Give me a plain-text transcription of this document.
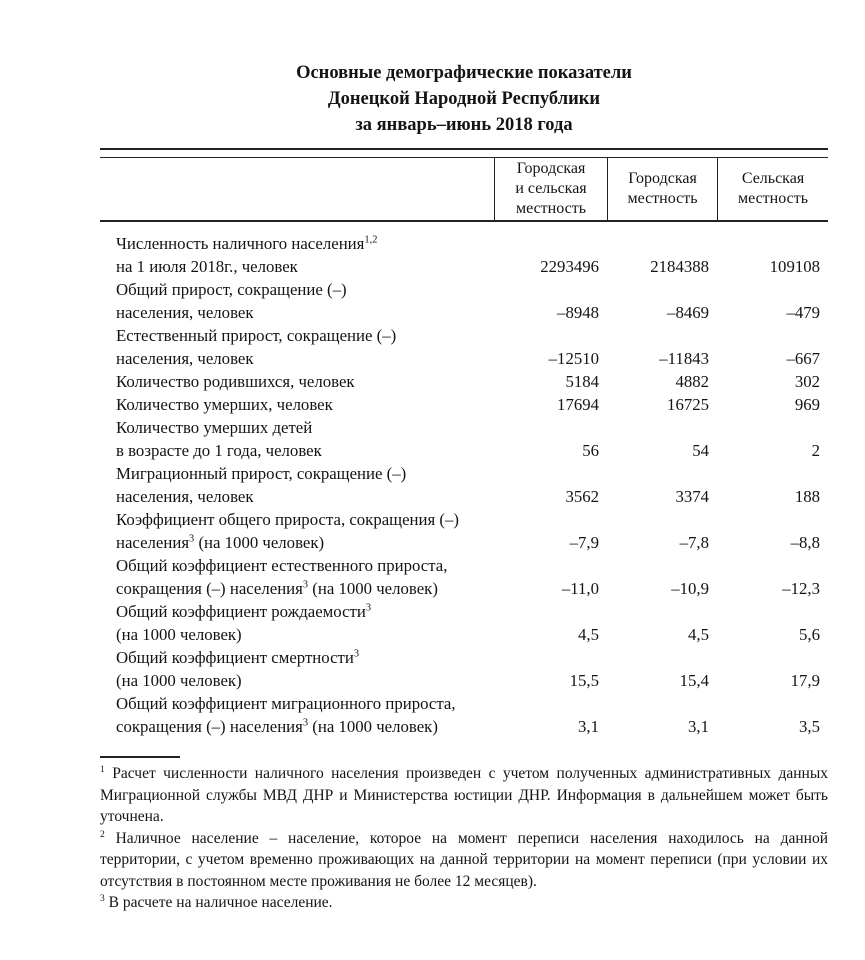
Основные демографические показатели
Донецкой Народной Республики
за январь–июнь 2018 года
Городская и сельская местность
Городская местность
Сельская местность
Численность наличного населения$^{1,2}$
на 1 июля 2018г., человек	2293496	2184388	109108
Общий прирост, сокращение (–)
населения, человек	–8948	–8469	–479
Естественный прирост, сокращение (–)
населения, человек	–12510	–11843	–667
Количество родившихся, человек	5184	4882	302
Количество умерших, человек	17694	16725	969
Количество умерших детей
в возрасте до 1 года, человек	56	54	2
Миграционный прирост, сокращение (–)
населения, человек	3562	3374	188
Коэффициент общего прироста, сокращения (–)
населения$^3$ (на 1000 человек)	–7,9	–7,8	–8,8
Общий коэффициент естественного прироста,
сокращения (–) населения$^3$ (на 1000 человек)	–11,0	–10,9	–12,3
Общий коэффициент рождаемости$^3$
(на 1000 человек)	4,5	4,5	5,6
Общий коэффициент смертности$^3$
(на 1000 человек)	15,5	15,4	17,9
Общий коэффициент миграционного прироста,
сокращения (–) населения$^3$ (на 1000 человек)	3,1	3,1	3,5

$^1$ Расчет численности наличного населения произведен с учетом полученных административных данных Миграционной службы МВД ДНР и Министерства юстиции ДНР. Информация в дальнейшем может быть уточнена.

$^2$ Наличное население – население, которое на момент переписи населения находилось на данной территории, с учетом временно проживающих на данной территории на момент переписи (при условии их отсутствия в постоянном месте проживания не более 12 месяцев).

$^3$ В расчете на наличное население.
